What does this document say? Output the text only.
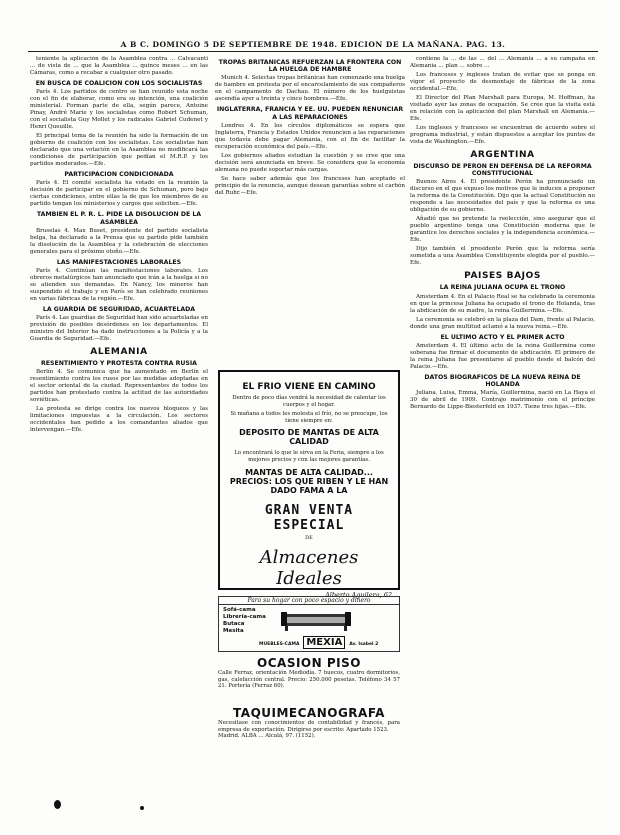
A B C. DOMINGO 5 DE SEPTIEMBRE DE 1948. EDICION DE LA MAÑANA. PAG. 13.

teniente la aplicación de la Asamblea contra ... Calvacanti ... de vista de ... que la Asamblea ... quince meses ... en las Cámaras, como a recabar a cualquier otro pasado.

EN BUSCA DE COALICION CON LOS SOCIALISTAS

París 4. Los partidos de centro se han reunido esta noche con el fin de elaborar, como era su intención, una coalición ministerial. Forman parte de ella, según parece, Antoine Pinay, André Marie y los socialistas como Robert Schuman, con el socialista Guy Mollet y los radicales Gabriel Cudenet y Henri Queuille.

El principal tema de la reunión ha sido la formación de un gobierno de coalición con los socialistas. Los socialistas han declarado que una votación en la Asamblea no modificará las condiciones de participación que pedían el M.R.P. y los partidos moderados.—Efe.

PARTICIPACION CONDICIONADA

París 4. El comité socialista ha votado en la reunión la decisión de participar en el gobierno de Schuman, pero bajo ciertas condiciones, entre ellas la de que los miembros de su partido tengan los ministerios y cargos que soliciten.—Efe.

TAMBIEN EL P. R. L. PIDE LA DISOLUCION DE LA ASAMBLEA

Bruselas 4. Max Buset, presidente del partido socialista belga, ha declarado a la Prensa que su partido pide también la disolución de la Asamblea y la celebración de elecciones generales para el próximo otoño.—Efe.

LAS MANIFESTACIONES LABORALES

París 4. Continúan las manifestaciones laborales. Los obreros metalúrgicos han anunciado que irán a la huelga si no se atienden sus demandas. En Nancy, los mineros han suspendido el trabajo y en París se han celebrado reuniones en varias fábricas de la región.—Efe.

LA GUARDIA DE SEGURIDAD, ACUARTELADA

París 4. Las guardias de Seguridad han sido acuarteladas en previsión de posibles desórdenes en los departamentos. El ministro del Interior ha dado instrucciones a la Policía y a la Guardia de Seguridad.—Efe.

ALEMANIA
RESENTIMIENTO Y PROTESTA CONTRA RUSIA

Berlín 4. Se comunica que ha aumentado en Berlín el resentimiento contra los rusos por las medidas adoptadas en el sector oriental de la ciudad. Representantes de todos los partidos han protestado contra la actitud de las autoridades soviéticas.

La protesta se dirige contra los nuevos bloqueos y las limitaciones impuestas a la circulación. Los sectores occidentales han pedido a los comandantes aliados que intervengan.—Efe.

TROPAS BRITANICAS REFUERZAN LA FRONTERA CON LA HUELGA DE HAMBRE

Munich 4. Selectas tropas británicas han comenzado una huelga de hambre en protesta por el encarcelamiento de sus compañeros en el campamento de Dachau. El número de los huelguistas ascendía ayer a treinta y cinco hombres.—Efe.

INGLATERRA, FRANCIA Y EE. UU. PUEDEN RENUNCIAR A LAS REPARACIONES

Londres 4. En los círculos diplomáticos se espera que Inglaterra, Francia y Estados Unidos renuncien a las reparaciones que todavía debe pagar Alemania, con el fin de facilitar la recuperación económica del país.—Efe.

Los gobiernos aliados estudian la cuestión y se cree que una decisión será anunciada en breve. Se considera que la economía alemana no puede soportar más cargas.

Se hace saber además que los franceses han aceptado el principio de la renuncia, aunque desean garantías sobre el carbón del Ruhr.—Efe.

EL FRIO VIENE EN CAMINO
Dentro de poco días vendrá la necesidad de calentar los cuerpos y el hogar.
Si mañana a todos les molesta el frío, no se preocupe, los tiene siempre en:
DEPOSITO DE MANTAS DE ALTA CALIDAD
Lo encontrará lo que le sirva en la Feria, siempre a los mejores precios y con las mejores garantías.
MANTAS DE ALTA CALIDAD... PRECIOS: LOS QUE RIBEN Y LE HAN DADO FAMA A LA
GRAN VENTA ESPECIAL
DE
Almacenes Ideales
Alberto Aguilera, 62
Para su hogar con poco espacio y dinero
Sofá-cama
Librería-cama
Butaca
Mesita
MUEBLES-CAMA MEXIA Av. Isabel 2
OCASION PISO
Calle Ferraz, orientación Mediodía. 7 huecos, cuatro dormitorios, gas, calefacción central. Precio: 250.000 pesetas. Teléfono 34 57 21. Portería (Ferraz 60).
TAQUIMECANOGRAFA
Necesitase con conocimientos de contabilidad y francés, para empresa de exportación. Dirigirse por escrito: Apartado 1523.
Madrid. ALBA ... Alcalá, 97. (1152).

contiene la ... de las ... del ... Alemania ... a su campaña en Alemania ... plan ... sobre ...

Los franceses y ingleses tratan de evitar que se ponga en vigor el proyecto de desmontaje de fábricas de la zona occidental.—Efe.

El Director del Plan Marshall para Europa, M. Hoffman, ha visitado ayer las zonas de ocupación. Se cree que la visita está en relación con la aplicación del plan Marshall en Alemania.—Efe.

Los ingleses y franceses se encuentran de acuerdo sobre el programa industrial, y están dispuestos a aceptar los puntos de vista de Washington.—Efe.

ARGENTINA
DISCURSO DE PERON EN DEFENSA DE LA REFORMA CONSTITUCIONAL

Buenos Aires 4. El presidente Perón ha pronunciado un discurso en el que expuso los motivos que le inducen a proponer la reforma de la Constitución. Dijo que la actual Constitución no responde a las necesidades del país y que la reforma es una obligación de su gobierno.

Añadió que no pretende la reelección, sino asegurar que el pueblo argentino tenga una Constitución moderna que le garantice los derechos sociales y la independencia económica.—Efe.

Dijo también el presidente Perón que la reforma sería sometida a una Asamblea Constituyente elegida por el pueblo.—Efe.

PAISES BAJOS
LA REINA JULIANA OCUPA EL TRONO

Amsterdam 4. En el Palacio Real se ha celebrado la ceremonia en que la princesa Juliana ha ocupado el trono de Holanda, tras la abdicación de su madre, la reina Guillermina.—Efe.

La ceremonia se celebró en la plaza del Dam, frente al Palacio, donde una gran multitud aclamó a la nueva reina.—Efe.

EL ULTIMO ACTO Y EL PRIMER ACTO

Amsterdam 4. El último acto de la reina Guillermina como soberana fue firmar el documento de abdicación. El primero de la reina Juliana fue presentarse al pueblo desde el balcón del Palacio.—Efe.

DATOS BIOGRAFICOS DE LA NUEVA REINA DE HOLANDA

Juliana, Luisa, Emma, María, Guillermina, nació en La Haya el 30 de abril de 1909. Contrajo matrimonio con el príncipe Bernardo de Lippe-Biesterfeld en 1937. Tiene tres hijas.—Efe.
